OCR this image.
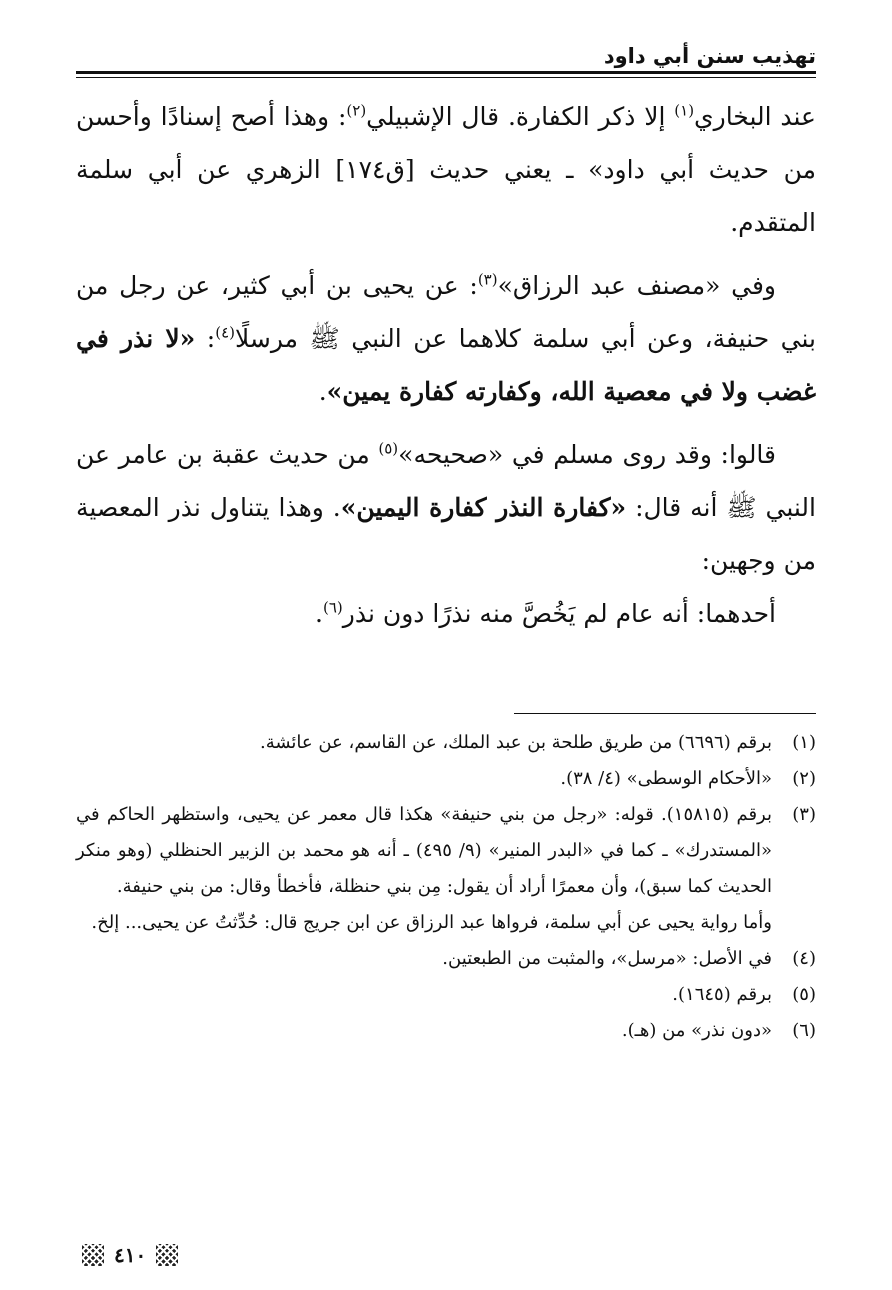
تهذيب سنن أبي داود

عند البخاري$^{(١)}$ إلا ذكر الكفارة. قال الإشبيلي$^{(٢)}$: وهذا أصح إسنادًا وأحسن من حديث أبي داود» ـ يعني حديث [ق١٧٤] الزهري عن أبي سلمة المتقدم.

وفي «مصنف عبد الرزاق»$^{(٣)}$: عن يحيى بن أبي كثير، عن رجل من بني حنيفة، وعن أبي سلمة كلاهما عن النبي ﷺ مرسلًا$^{(٤)}$: «لا نذر في غضب ولا في معصية الله، وكفارته كفارة يمين».

قالوا: وقد روى مسلم في «صحيحه»$^{(٥)}$ من حديث عقبة بن عامر عن النبي ﷺ أنه قال: «كفارة النذر كفارة اليمين». وهذا يتناول نذر المعصية من وجهين:

أحدهما: أنه عام لم يَخُصَّ منه نذرًا دون نذر$^{(٦)}$.

(١)
برقم (٦٦٩٦) من طريق طلحة بن عبد الملك، عن القاسم، عن عائشة.
(٢)
«الأحكام الوسطى» (٤/ ٣٨).
(٣)
برقم (١٥٨١٥). قوله: «رجل من بني حنيفة» هكذا قال معمر عن يحيى، واستظهر الحاكم في «المستدرك» ـ كما في «البدر المنير» (٩/ ٤٩٥) ـ أنه هو محمد بن الزبير الحنظلي (وهو منكر الحديث كما سبق)، وأن معمرًا أراد أن يقول: مِن بني حنظلة، فأخطأ وقال: من بني حنيفة.
وأما رواية يحيى عن أبي سلمة، فرواها عبد الرزاق عن ابن جريج قال: حُدِّثتُ عن يحيى... إلخ.
(٤)
في الأصل: «مرسل»، والمثبت من الطبعتين.
(٥)
برقم (١٦٤٥).
(٦)
«دون نذر» من (هـ).
٤١٠
